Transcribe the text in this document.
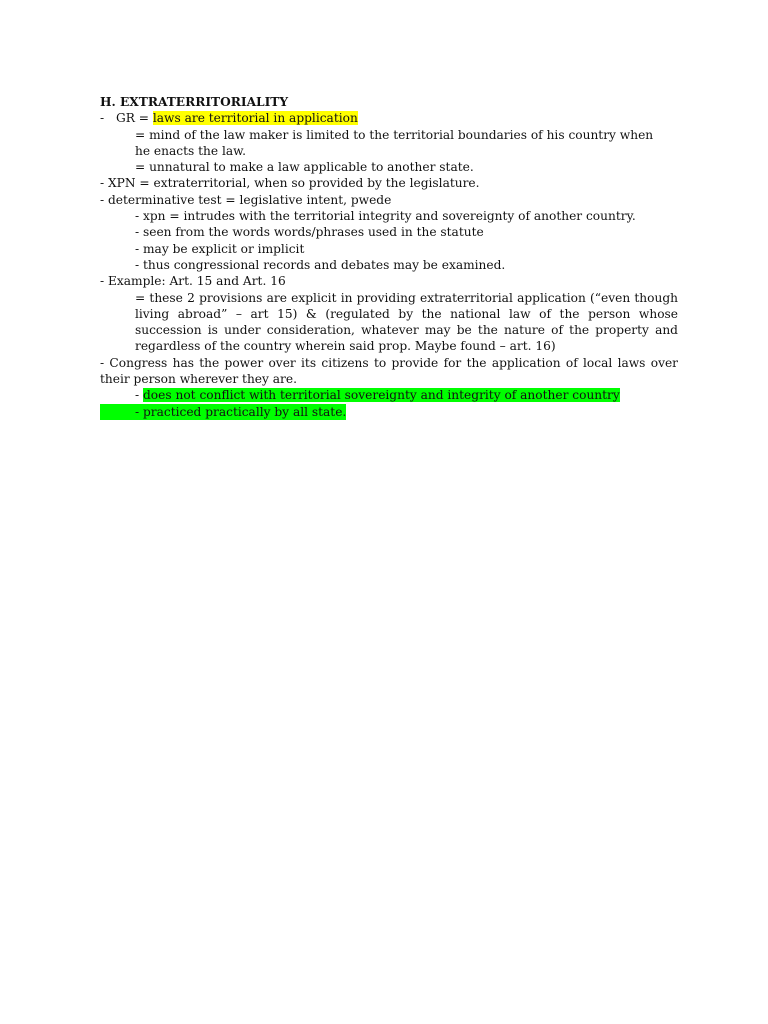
H. EXTRATERRITORIALITY
- GR = laws are territorial in application
= mind of the law maker is limited to the territorial boundaries of his country when
he enacts the law.
= unnatural to make a law applicable to another state.
- XPN = extraterritorial, when so provided by the legislature.
- determinative test = legislative intent, pwede
- xpn = intrudes with the territorial integrity and sovereignty of another country.
- seen from the words words/phrases used in the statute
- may be explicit or implicit
- thus congressional records and debates may be examined.
- Example: Art. 15 and Art. 16
= these 2 provisions are explicit in providing extraterritorial application (“even though living abroad” – art 15) & (regulated by the national law of the person whose succession is under consideration, whatever may be the nature of the property and regardless of the country wherein said prop. Maybe found – art. 16)
- Congress has the power over its citizens to provide for the application of local laws over their person wherever they are.
- does not conflict with territorial sovereignty and integrity of another country
- practiced practically by all state.
